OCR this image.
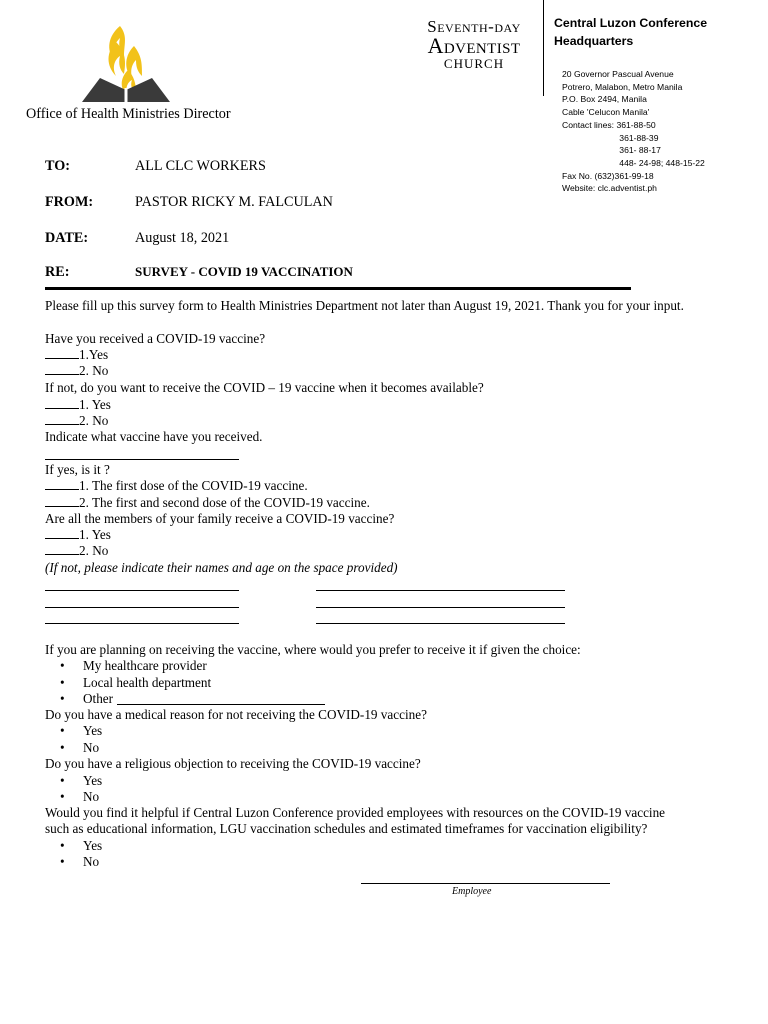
Office of Health Ministries Director
Seventh-day
Adventist
CHURCH
Central Luzon Conference
Headquarters
20 Governor Pascual Avenue
Potrero, Malabon, Metro Manila
P.O. Box 2494, Manila
Cable 'Celucon Manila'
Contact lines: 361-88-50
361-88-39
361- 88-17
448- 24-98; 448-15-22
Fax No. (632)361-99-18
Website: clc.adventist.ph
TO:	ALL CLC WORKERS
FROM:	PASTOR RICKY M. FALCULAN
DATE:	August 18, 2021
RE:	SURVEY - COVID 19 VACCINATION
Please fill up this survey form to Health Ministries Department not later than August 19, 2021. Thank you for your input.
Have you received a COVID-19 vaccine?
1.Yes
2. No
If not, do you want to receive the COVID – 19 vaccine when it becomes available?
1. Yes
2. No
Indicate what vaccine have you received.
If yes, is it ?
1. The first dose of the COVID-19 vaccine.
2. The first and second dose of the COVID-19 vaccine.
Are all the members of your family receive a COVID-19 vaccine?
1. Yes
2. No
(If not, please indicate their names and age on the space provided)
If you are planning on receiving the vaccine, where would you prefer to receive it if given the choice:
• My healthcare provider
• Local health department
• Other
Do you have a medical reason for not receiving the COVID-19 vaccine?
• Yes
• No
Do you have a religious objection to receiving the COVID-19 vaccine?
• Yes
• No
Would you find it helpful if Central Luzon Conference provided employees with resources on the COVID-19 vaccine
such as educational information, LGU vaccination schedules and estimated timeframes for vaccination eligibility?
• Yes
• No
Employee
